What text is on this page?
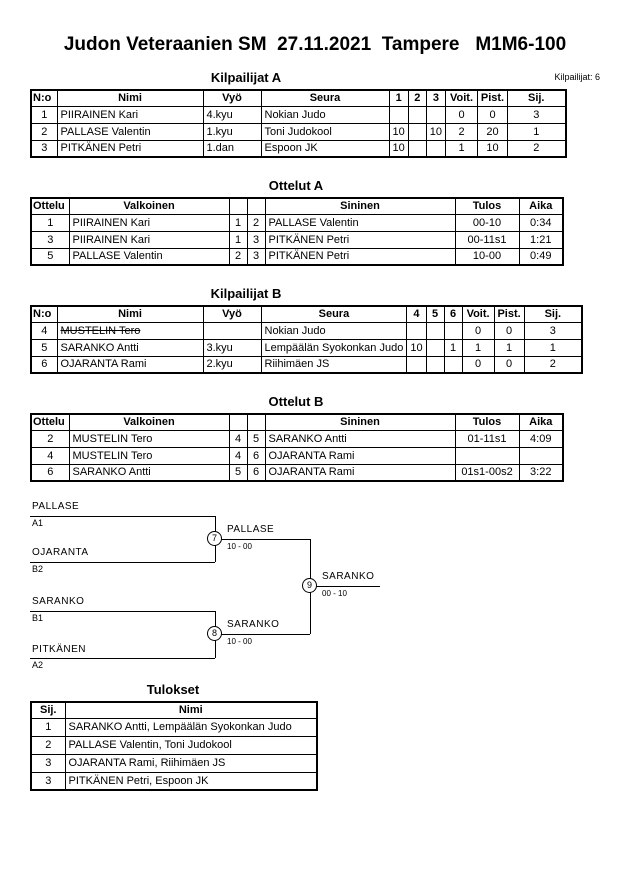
Judon Veteraanien SM  27.11.2021  Tampere   M1M6-100
Kilpailijat A	Kilpailijat: 6
N:o	Nimi	Vyö	Seura	1	2	3	Voit.	Pist.	Sij.
1	PIIRAINEN Kari	4.kyu	Nokian Judo				0	0	3
2	PALLASE Valentin	1.kyu	Toni Judokool	10		10	2	20	1
3	PITKÄNEN Petri	1.dan	Espoon JK	10			1	10	2
Ottelut A
Ottelu	Valkoinen			Sininen	Tulos	Aika
1	PIIRAINEN Kari	1	2	PALLASE Valentin	00-10	0:34
3	PIIRAINEN Kari	1	3	PITKÄNEN Petri	00-11s1	1:21
5	PALLASE Valentin	2	3	PITKÄNEN Petri	10-00	0:49
Kilpailijat B
N:o	Nimi	Vyö	Seura	4	5	6	Voit.	Pist.	Sij.
4	MUSTELIN Tero		Nokian Judo				0	0	3
5	SARANKO Antti	3.kyu	Lempäälän Syokonkan Judo	10		1	1	1	1
6	OJARANTA Rami	2.kyu	Riihimäen JS				0	0	2
Ottelut B
Ottelu	Valkoinen			Sininen	Tulos	Aika
2	MUSTELIN Tero	4	5	SARANKO Antti	01-11s1	4:09
4	MUSTELIN Tero	4	6	OJARANTA Rami		
6	SARANKO Antti	5	6	OJARANTA Rami	01s1-00s2	3:22
PALLASE
A1
OJARANTA
B2
7
PALLASE
10 - 00
SARANKO
B1
PITKÄNEN
A2
8
SARANKO
10 - 00
9
SARANKO
00 - 10
Tulokset
Sij.	Nimi
1	SARANKO Antti, Lempäälän Syokonkan Judo
2	PALLASE Valentin, Toni Judokool
3	OJARANTA Rami, Riihimäen JS
3	PITKÄNEN Petri, Espoon JK
